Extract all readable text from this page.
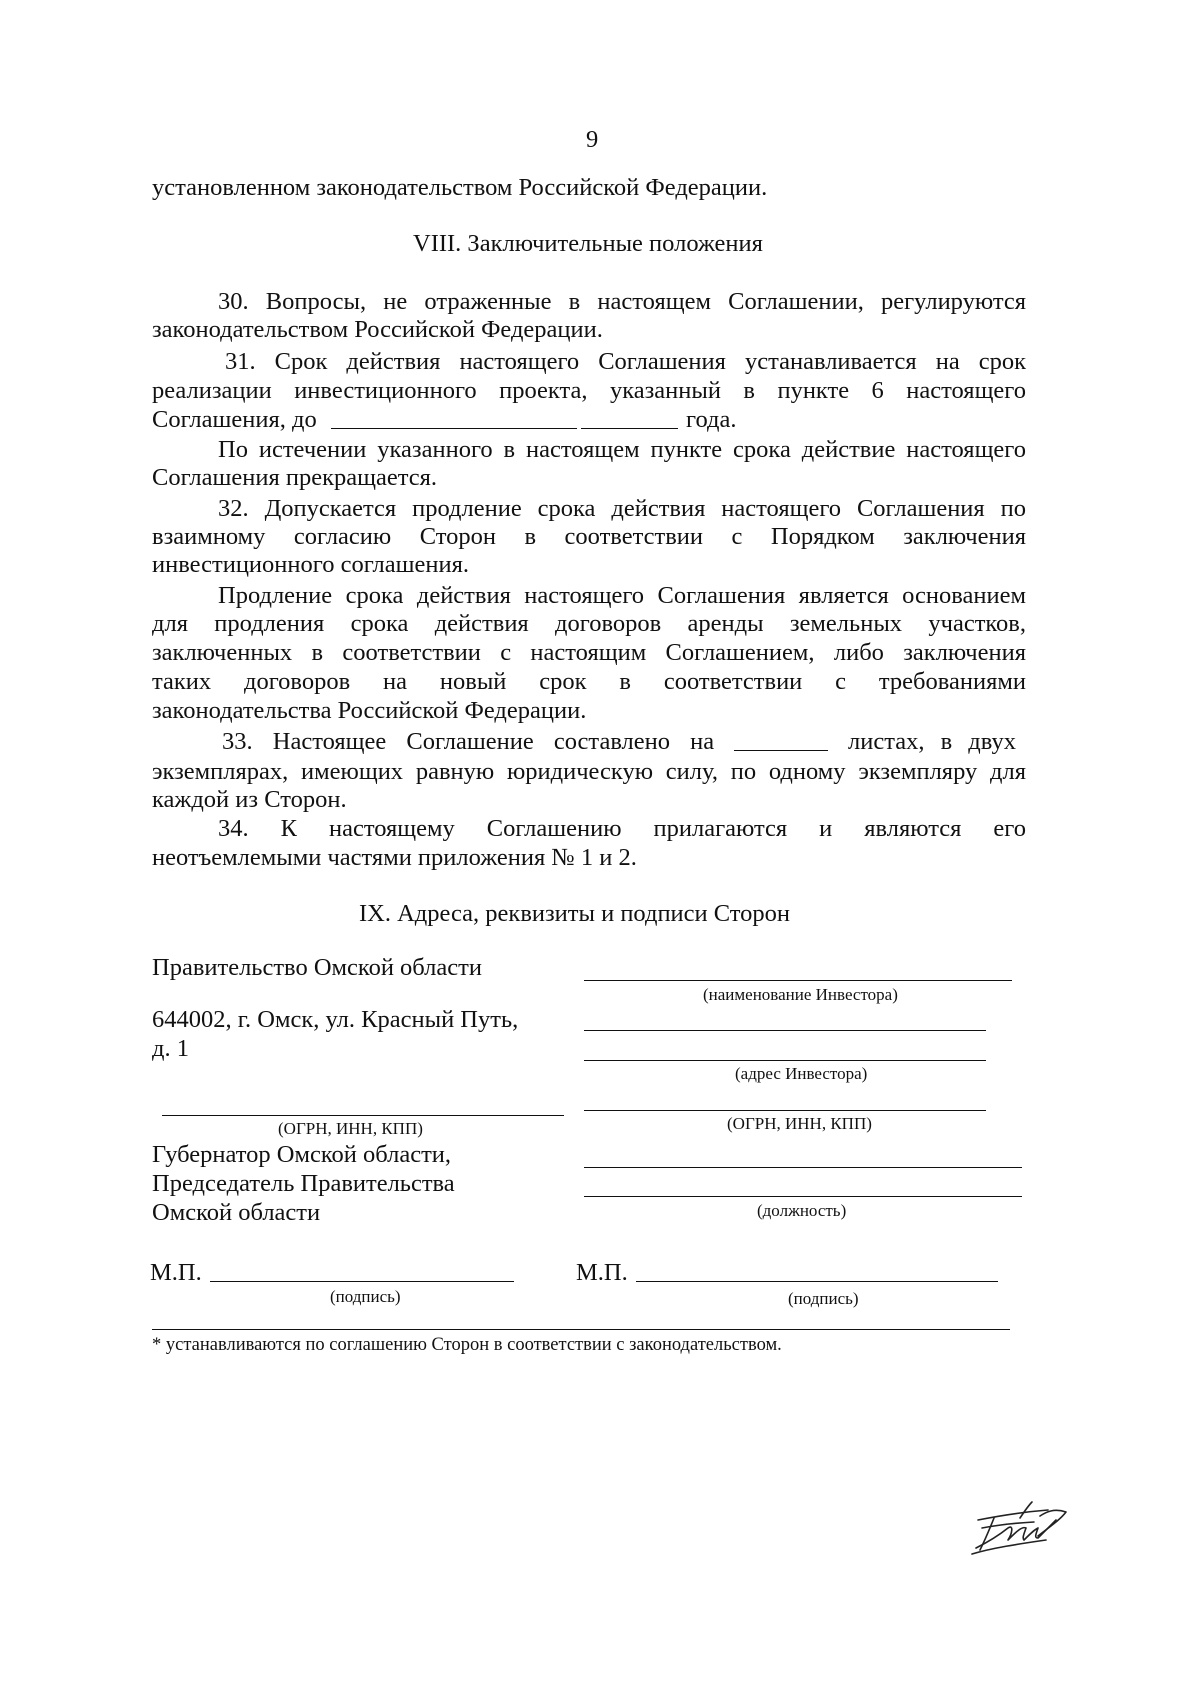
9
установленном законодательством Российской Федерации.
VIII. Заключительные положения
30. Вопросы, не отраженные в настоящем Соглашении, регулируются
законодательством Российской Федерации.
31. Срок действия настоящего Соглашения устанавливается на срок
реализации инвестиционного проекта, указанный в пункте 6 настоящего
Соглашения, до	года.
По истечении указанного в настоящем пункте срока действие настоящего
Соглашения прекращается.
32. Допускается продление срока действия настоящего Соглашения по
взаимному согласию Сторон в соответствии с Порядком заключения
инвестиционного соглашения.
Продление срока действия настоящего Соглашения является основанием
для продления срока действия договоров аренды земельных участков,
заключенных в соответствии с настоящим Соглашением, либо заключения
таких договоров на новый срок в соответствии с требованиями
законодательства Российской Федерации.
33. Настоящее Соглашение составлено на	листах, в двух
экземплярах, имеющих равную юридическую силу, по одному экземпляру для
каждой из Сторон.
34. К настоящему Соглашению прилагаются и являются его
неотъемлемыми частями приложения № 1 и 2.
IX. Адреса, реквизиты и подписи Сторон
Правительство Омской области
644002, г. Омск, ул. Красный Путь,
д. 1
(ОГРН, ИНН, КПП)
Губернатор Омской области,
Председатель Правительства
Омской области
М.П.
(подпись)
(наименование Инвестора)
(адрес Инвестора)
(ОГРН, ИНН, КПП)
(должность)
М.П.
(подпись)
* устанавливаются по соглашению Сторон в соответствии с законодательством.
